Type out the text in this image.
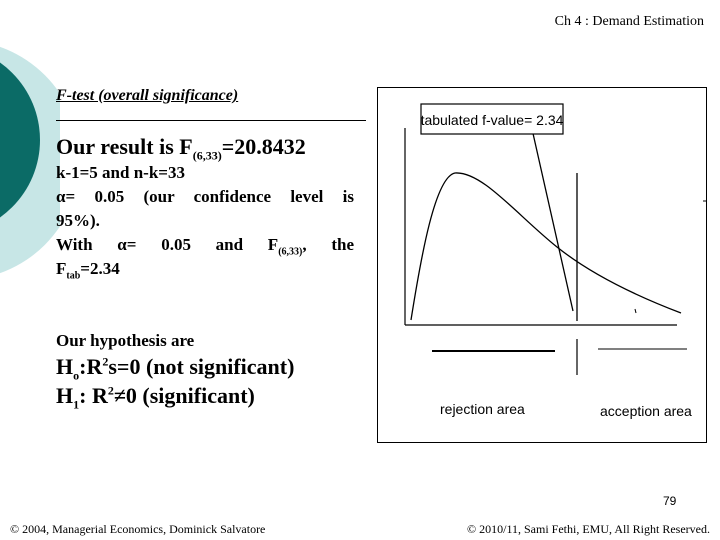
Ch 4 : Demand Estimation
F-test (overall significance)
Our result is $F_{(6,33)}=20.8432$
k-1=5 and n-k=33
α= 0.05 (our confidence level is
95%).
With α= 0.05 and $F_{(6,33)}$, the
$F_{tab}=2.34$
Our hypothesis are
$H_o:R^2s=0$ (not significant)
$H_1$: $R^2\ne 0$ (significant)
tabulated f-value= 2.34
rejection area	acception area
79
© 2004, Managerial Economics, Dominick Salvatore	© 2010/11, Sami Fethi, EMU, All Right Reserved.
